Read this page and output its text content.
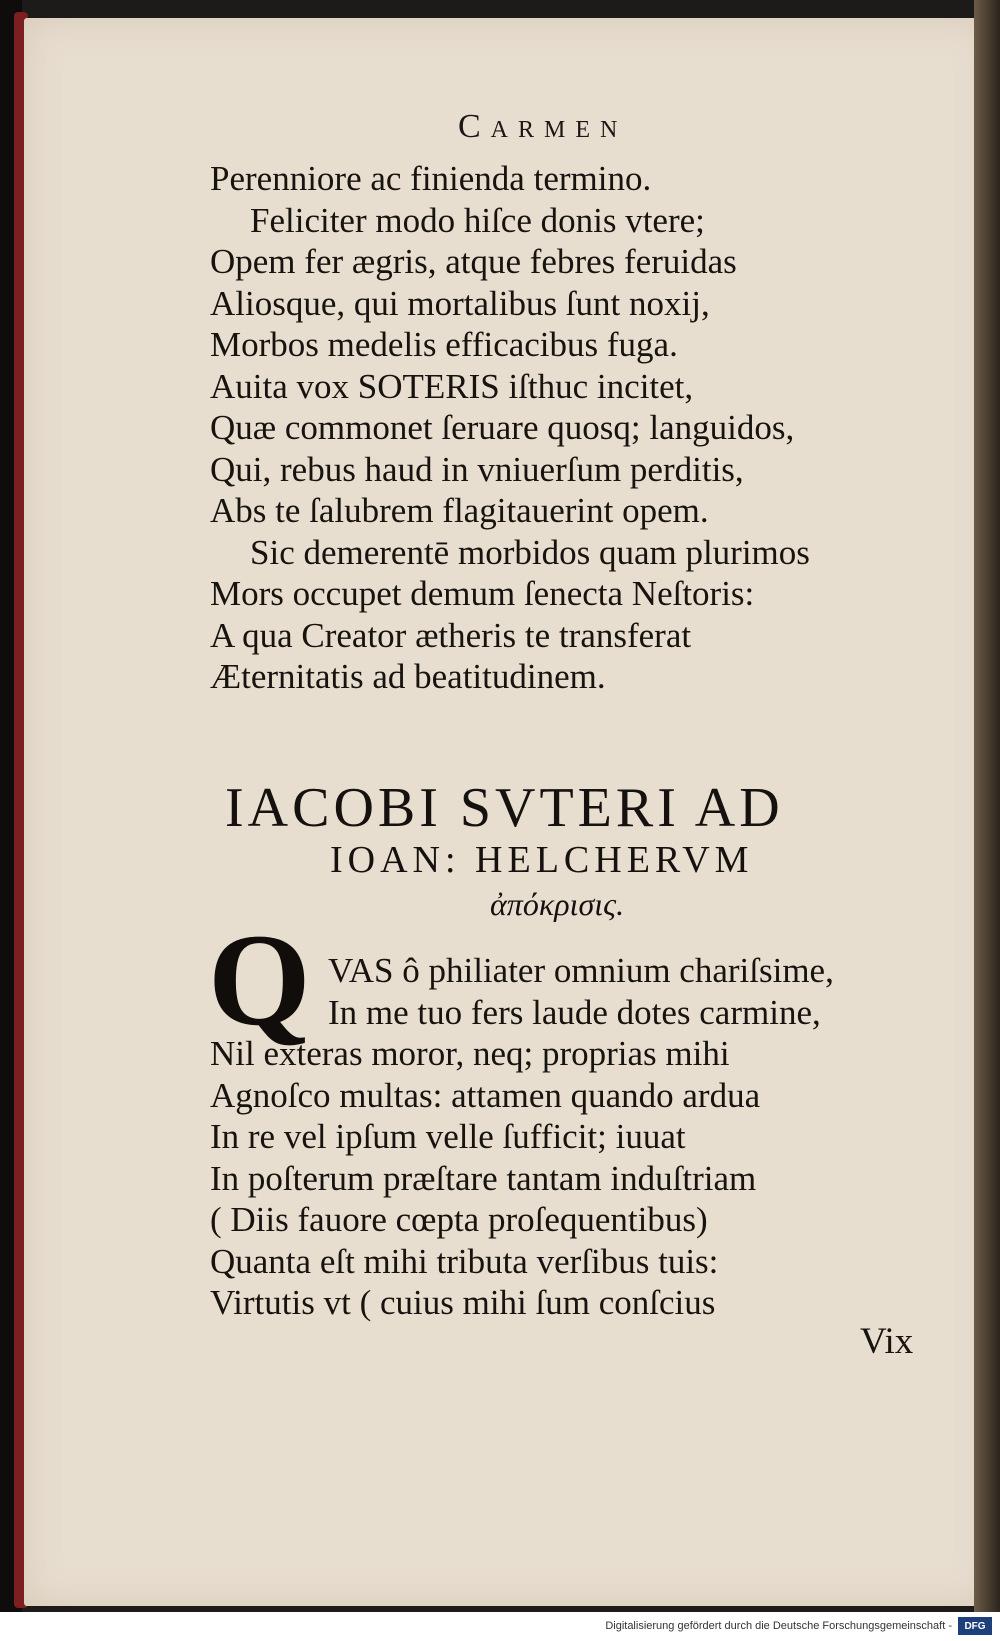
Carmen
Perenniore ac finienda termino.
Feliciter modo hiſce donis vtere;
Opem fer ægris, atque febres feruidas
Aliosque, qui mortalibus ſunt noxij,
Morbos medelis efficacibus fuga.
Auita vox SOTERIS iſthuc incitet,
Quæ commonet ſeruare quosq; languidos,
Qui, rebus haud in vniuerſum perditis,
Abs te ſalubrem flagitauerint opem.
Sic demerentē morbidos quam plurimos
Mors occupet demum ſenecta Neſtoris:
A qua Creator ætheris te transferat
Æternitatis ad beatitudinem.
IACOBI SVTERI AD
IOAN: HELCHERVM
ἀπόκρισις.
Q VAS ô philiater omnium chariſsime,
In me tuo fers laude dotes carmine,
Nil exteras moror, neq; proprias mihi
Agnoſco multas: attamen quando ardua
In re vel ipſum velle ſufficit; iuuat
In poſterum præſtare tantam induſtriam
( Diis fauore cœpta proſequentibus)
Quanta eſt mihi tributa verſibus tuis:
Virtutis vt ( cuius mihi ſum conſcius
Vix
Digitalisierung gefördert durch die Deutsche Forschungsgemeinschaft -	DFG
